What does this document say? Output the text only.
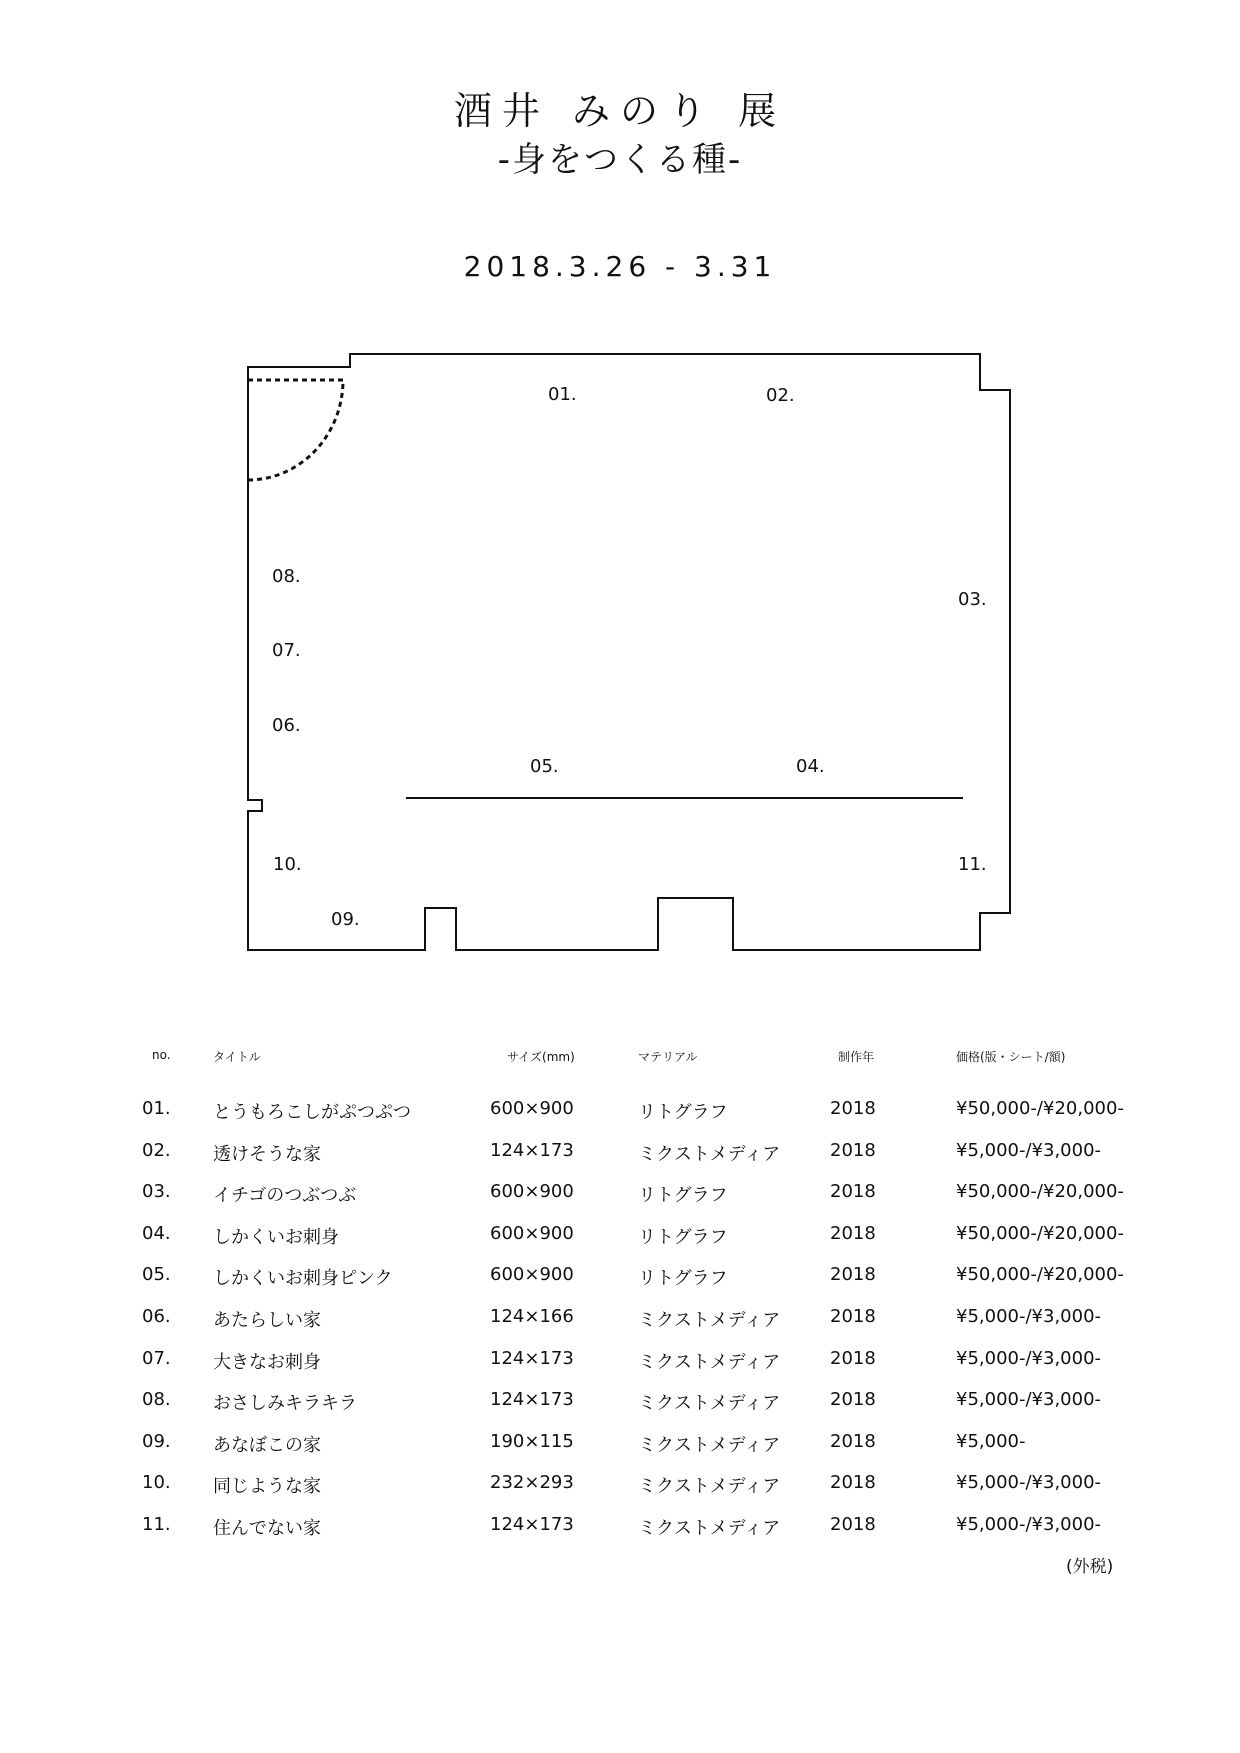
酒井 みのり 展
-身をつくる種-
2018.3.26 - 3.31
01.	02.
03.
04.
05.
06.
07.
08.
09.
10.	11.
no.	タイトル	サイズ(mm)	マテリアル	制作年	価格(版・シート/額)
01. とうもろこしがぷつぷつ	600×900	リトグラフ	2018	¥50,000-/¥20,000-
02. 透けそうな家	124×173	ミクストメディア	2018	¥5,000-/¥3,000-
03. イチゴのつぶつぶ	600×900	リトグラフ	2018	¥50,000-/¥20,000-
04. しかくいお刺身	600×900	リトグラフ	2018	¥50,000-/¥20,000-
05. しかくいお刺身ピンク	600×900	リトグラフ	2018	¥50,000-/¥20,000-
06. あたらしい家	124×166	ミクストメディア	2018	¥5,000-/¥3,000-
07. 大きなお刺身	124×173	ミクストメディア	2018	¥5,000-/¥3,000-
08. おさしみキラキラ	124×173	ミクストメディア	2018	¥5,000-/¥3,000-
09. あなぼこの家	190×115	ミクストメディア	2018	¥5,000-
10. 同じような家	232×293	ミクストメディア	2018	¥5,000-/¥3,000-
11. 住んでない家	124×173	ミクストメディア	2018	¥5,000-/¥3,000-
(外税)
